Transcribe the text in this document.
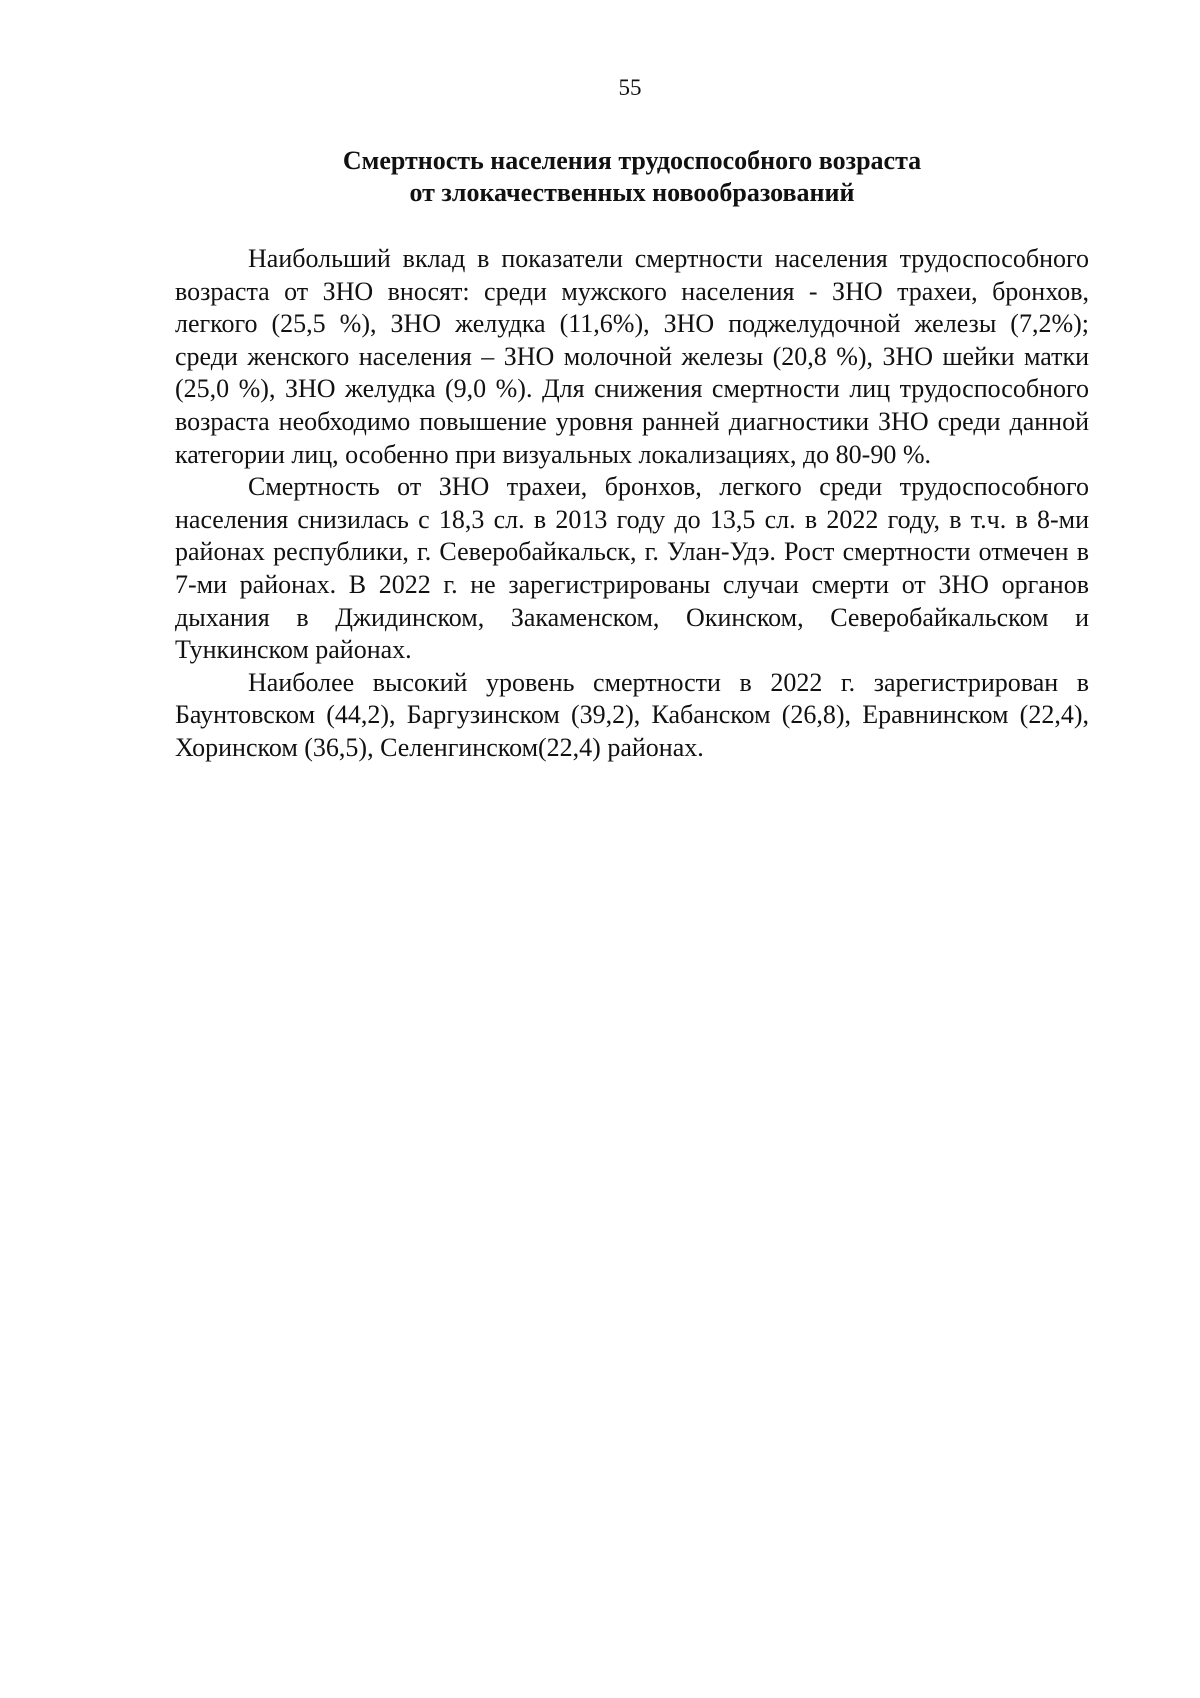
55
Смертность населения трудоспособного возраста
от злокачественных новообразований

Наибольший вклад в показатели смертности населения трудоспособного возраста от ЗНО вносят: среди мужского населения - ЗНО трахеи, бронхов, легкого (25,5 %), ЗНО желудка (11,6%), ЗНО поджелудочной железы (7,2%); среди женского населения – ЗНО молочной железы (20,8 %), ЗНО шейки матки (25,0 %), ЗНО желудка (9,0 %). Для снижения смертности лиц трудоспособного возраста необходимо повышение уровня ранней диагностики ЗНО среди данной категории лиц, особенно при визуальных локализациях, до 80-90 %.

Смертность от ЗНО трахеи, бронхов, легкого среди трудоспособного населения снизилась с 18,3 сл. в 2013 году до 13,5 сл. в 2022 году, в т.ч. в 8-ми районах республики, г. Северобайкальск, г. Улан-Удэ. Рост смертности отмечен в 7-ми районах. В 2022 г. не зарегистрированы случаи смерти от ЗНО органов дыхания в Джидинском, Закаменском, Окинском, Северобайкальском и Тункинском районах.

Наиболее высокий уровень смертности в 2022 г. зарегистрирован в Баунтовском (44,2), Баргузинском (39,2), Кабанском (26,8), Еравнинском (22,4), Хоринском (36,5), Селенгинском(22,4) районах.
